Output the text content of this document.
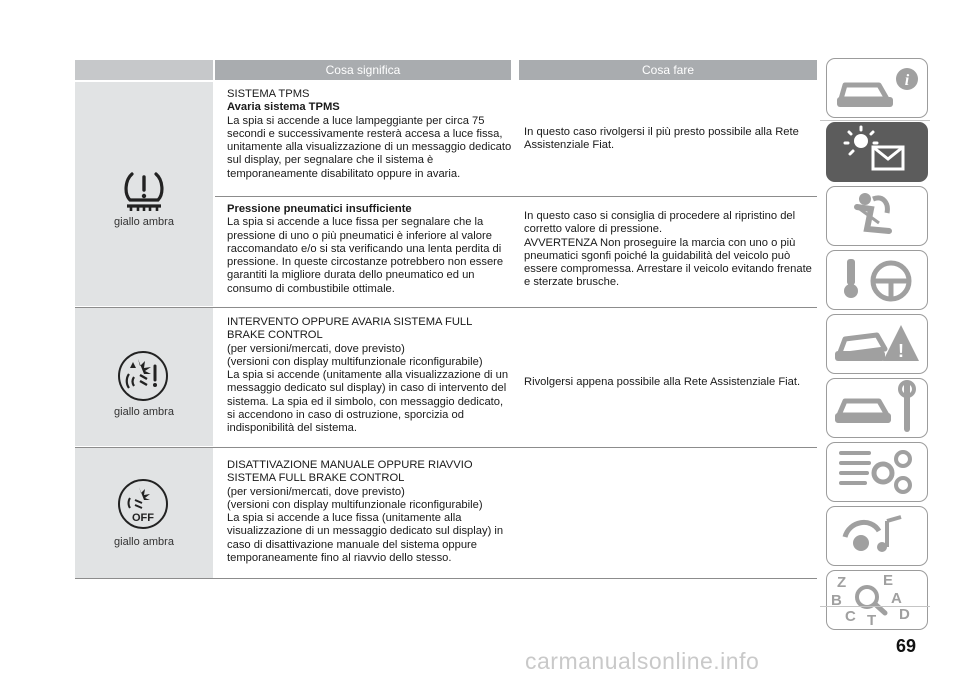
Cosa significa	Cosa fare
giallo ambra
giallo ambra
OFF
giallo ambra
SISTEMA TPMS
Avaria sistema TPMS
La spia si accende a luce lampeggiante per circa 75 secondi e successivamente resterà accesa a luce fissa, unitamente alla visualizzazione di un messaggio dedicato sul display, per segnalare che il sistema è temporaneamente disabilitato oppure in avaria.
In questo caso rivolgersi il più presto possibile alla Rete Assistenziale Fiat.
Pressione pneumatici insufficiente
La spia si accende a luce fissa per segnalare che la pressione di uno o più pneumatici è inferiore al valore raccomandato e/o si sta verificando una lenta perdita di pressione. In queste circostanze potrebbero non essere garantiti la migliore durata dello pneumatico ed un consumo di combustibile ottimale.
In questo caso si consiglia di procedere al ripristino del corretto valore di pressione.
AVVERTENZA Non proseguire la marcia con uno o più pneumatici sgonfi poiché la guidabilità del veicolo può essere compromessa. Arrestare il veicolo evitando frenate e sterzate brusche.
INTERVENTO OPPURE AVARIA SISTEMA FULL BRAKE CONTROL
(per versioni/mercati, dove previsto)
(versioni con display multifunzionale riconfigurabile)
La spia si accende (unitamente alla visualizzazione di un messaggio dedicato sul display) in caso di intervento del sistema. La spia ed il simbolo, con messaggio dedicato, si accendono in caso di ostruzione, sporcizia od indisponibilità del sistema.
Rivolgersi appena possibile alla Rete Assistenziale Fiat.
DISATTIVAZIONE MANUALE OPPURE RIAVVIO SISTEMA FULL BRAKE CONTROL
(per versioni/mercati, dove previsto)
(versioni con display multifunzionale riconfigurabile)
La spia si accende a luce fissa (unitamente alla visualizzazione di un messaggio dedicato sul display) in caso di disattivazione manuale del sistema oppure temporaneamente fino al riavvio dello stesso.
i
!
Z E
B	A
C T D
69
carmanualsonline.info
